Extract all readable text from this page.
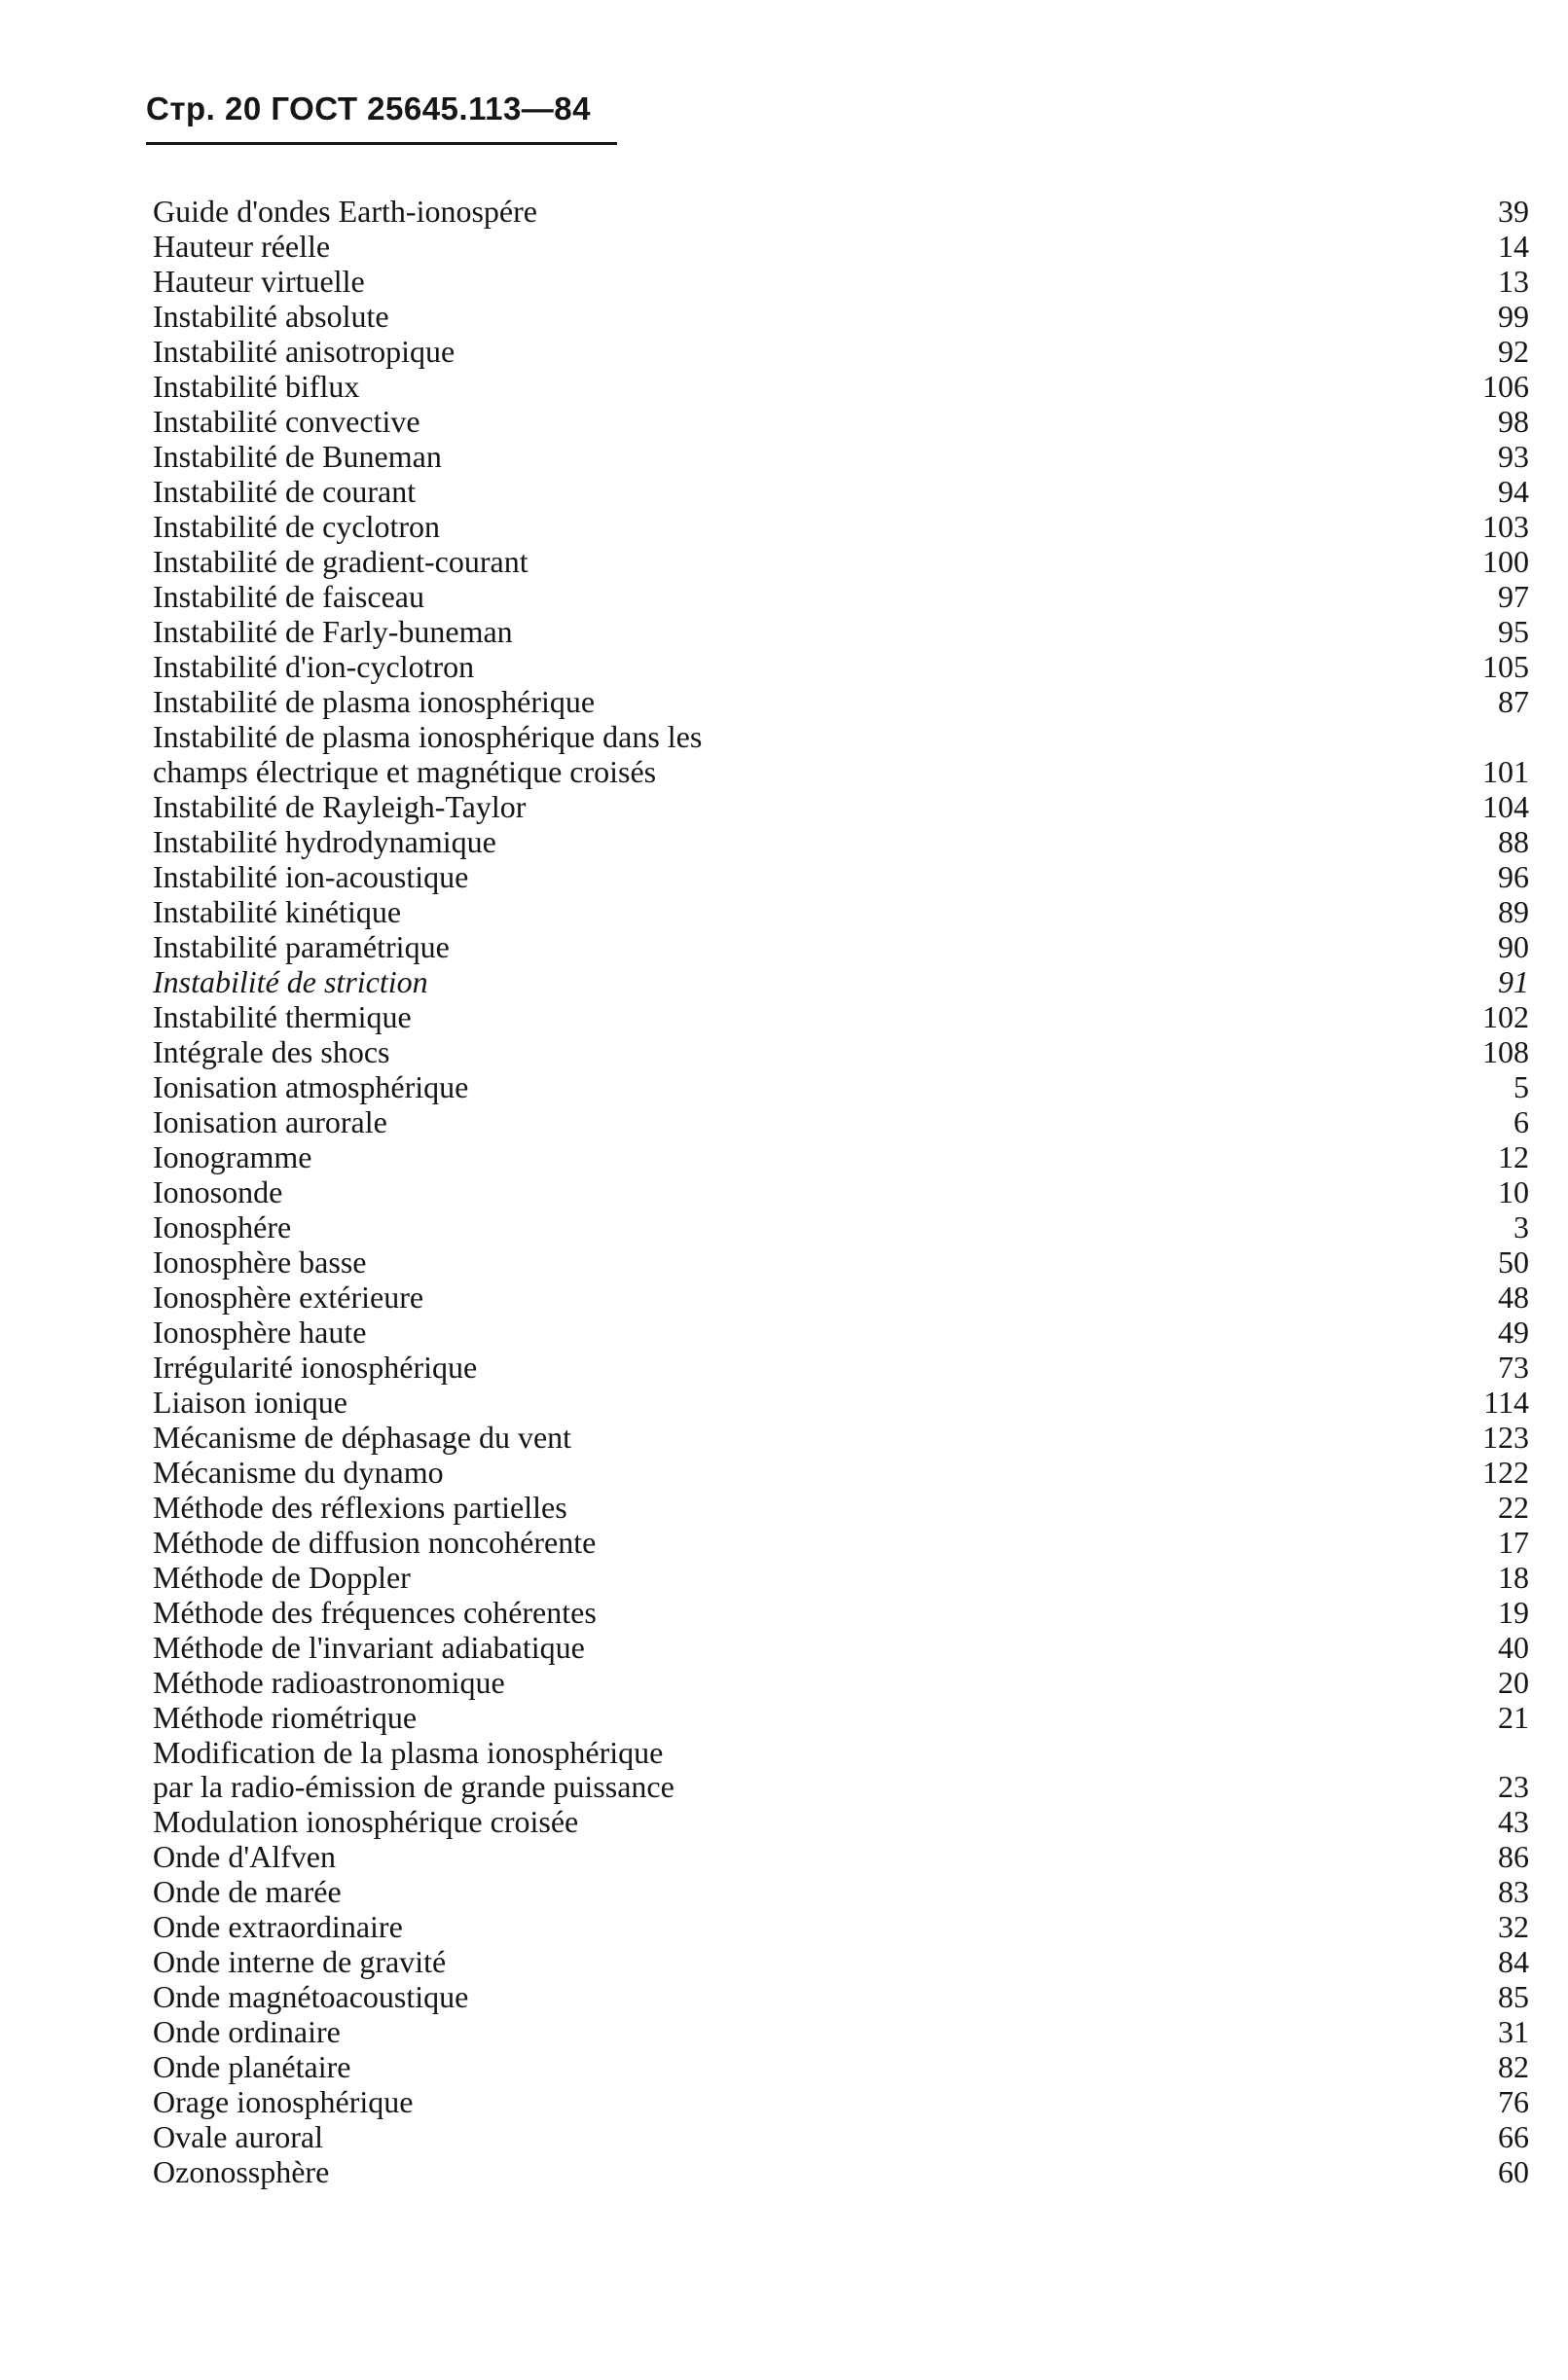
Стр. 20 ГОСТ 25645.113—84
Guide d'ondes Earth-ionospére	39
Hauteur réelle	14
Hauteur virtuelle	13
Instabilité absolute	99
Instabilité anisotropique	92
Instabilité biflux	106
Instabilité convective	98
Instabilité de Buneman	93
Instabilité de courant	94
Instabilité de cyclotron	103
Instabilité de gradient-courant	100
Instabilité de faisceau	97
Instabilité de Farly-buneman	95
Instabilité d'ion-cyclotron	105
Instabilité de plasma ionosphérique	87
Instabilité de plasma ionosphérique dans les
champs électrique et magnétique croisés	101
Instabilité de Rayleigh-Taylor	104
Instabilité hydrodynamique	88
Instabilité ion-acoustique	96
Instabilité kinétique	89
Instabilité paramétrique	90
Instabilité de striction	91
Instabilité thermique	102
Intégrale des shocs	108
Ionisation atmosphérique	5
Ionisation aurorale	6
Ionogramme	12
Ionosonde	10
Ionosphére	3
Ionosphère basse	50
Ionosphère extérieure	48
Ionosphère haute	49
Irrégularité ionosphérique	73
Liaison ionique	114
Mécanisme de déphasage du vent	123
Mécanisme du dynamo	122
Méthode des réflexions partielles	22
Méthode de diffusion noncohérente	17
Méthode de Doppler	18
Méthode des fréquences cohérentes	19
Méthode de l'invariant adiabatique	40
Méthode radioastronomique	20
Méthode riométrique	21
Modification de la plasma ionosphérique
par la radio-émission de grande puissance	23
Modulation ionosphérique croisée	43
Onde d'Alfven	86
Onde de marée	83
Onde extraordinaire	32
Onde interne de gravité	84
Onde magnétoacoustique	85
Onde ordinaire	31
Onde planétaire	82
Orage ionosphérique	76
Ovale auroral	66
Ozonossphère	60
